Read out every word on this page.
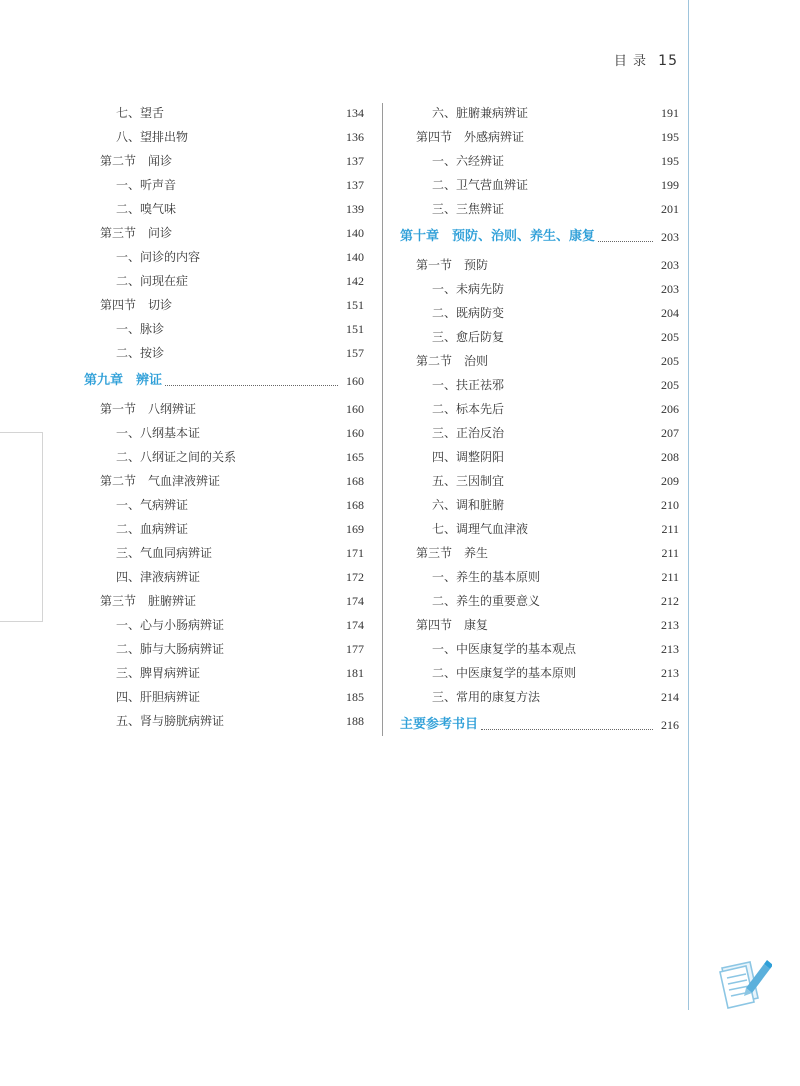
目 录 15
七、望舌	134
八、望排出物	136
第二节　闻诊	137
一、听声音	137
二、嗅气味	139
第三节　问诊	140
一、问诊的内容	140
二、问现在症	142
第四节　切诊	151
一、脉诊	151
二、按诊	157
第九章　辨证	160
第一节　八纲辨证	160
一、八纲基本证	160
二、八纲证之间的关系	165
第二节　气血津液辨证	168
一、气病辨证	168
二、血病辨证	169
三、气血同病辨证	171
四、津液病辨证	172
第三节　脏腑辨证	174
一、心与小肠病辨证	174
二、肺与大肠病辨证	177
三、脾胃病辨证	181
四、肝胆病辨证	185
五、肾与膀胱病辨证	188
六、脏腑兼病辨证	191
第四节　外感病辨证	195
一、六经辨证	195
二、卫气营血辨证	199
三、三焦辨证	201
第十章　预防、治则、养生、康复	203
第一节　预防	203
一、未病先防	203
二、既病防变	204
三、愈后防复	205
第二节　治则	205
一、扶正祛邪	205
二、标本先后	206
三、正治反治	207
四、调整阴阳	208
五、三因制宜	209
六、调和脏腑	210
七、调理气血津液	211
第三节　养生	211
一、养生的基本原则	211
二、养生的重要意义	212
第四节　康复	213
一、中医康复学的基本观点	213
二、中医康复学的基本原则	213
三、常用的康复方法	214
主要参考书目	216
